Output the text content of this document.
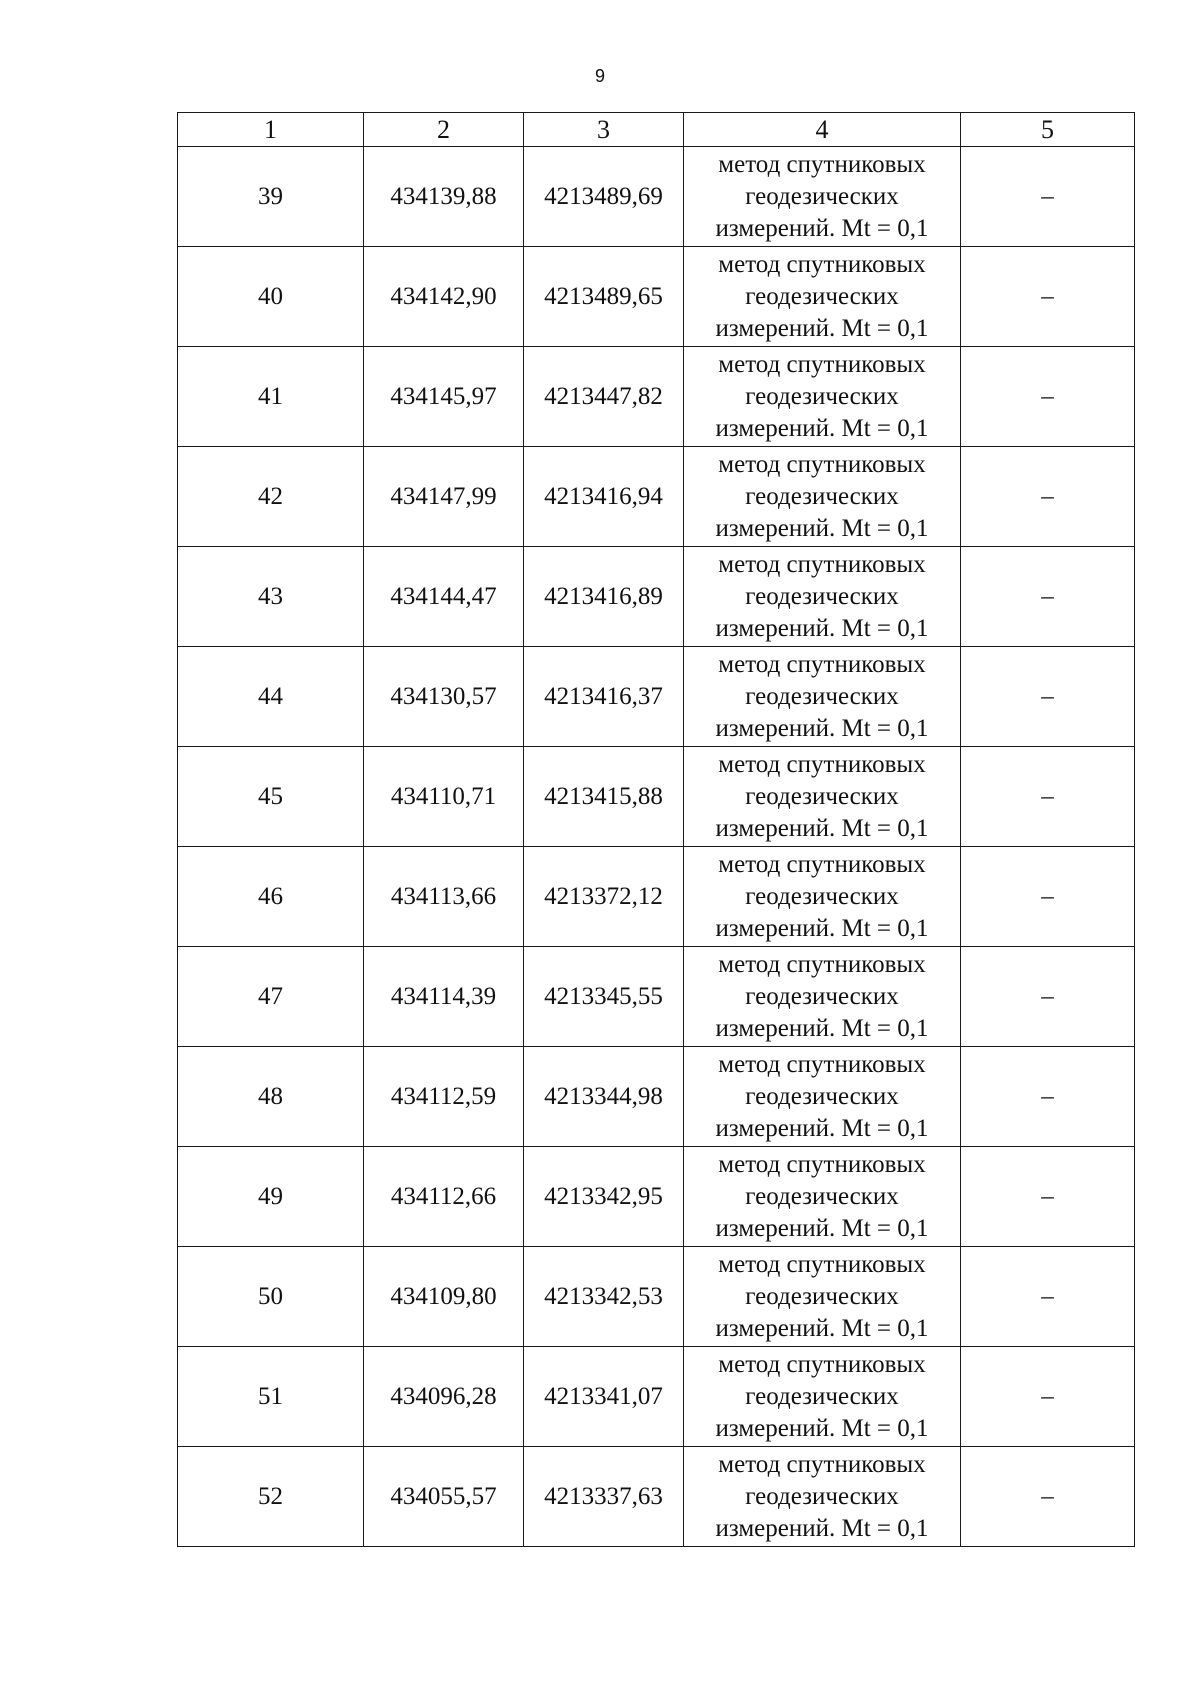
9
1	2	3	4	5
39	434139,88	4213489,69	метод спутниковых
геодезических
измерений. Mt = 0,1	–
40	434142,90	4213489,65	метод спутниковых
геодезических
измерений. Mt = 0,1	–
41	434145,97	4213447,82	метод спутниковых
геодезических
измерений. Mt = 0,1	–
42	434147,99	4213416,94	метод спутниковых
геодезических
измерений. Mt = 0,1	–
43	434144,47	4213416,89	метод спутниковых
геодезических
измерений. Mt = 0,1	–
44	434130,57	4213416,37	метод спутниковых
геодезических
измерений. Mt = 0,1	–
45	434110,71	4213415,88	метод спутниковых
геодезических
измерений. Mt = 0,1	–
46	434113,66	4213372,12	метод спутниковых
геодезических
измерений. Mt = 0,1	–
47	434114,39	4213345,55	метод спутниковых
геодезических
измерений. Mt = 0,1	–
48	434112,59	4213344,98	метод спутниковых
геодезических
измерений. Mt = 0,1	–
49	434112,66	4213342,95	метод спутниковых
геодезических
измерений. Mt = 0,1	–
50	434109,80	4213342,53	метод спутниковых
геодезических
измерений. Mt = 0,1	–
51	434096,28	4213341,07	метод спутниковых
геодезических
измерений. Mt = 0,1	–
52	434055,57	4213337,63	метод спутниковых
геодезических
измерений. Mt = 0,1	–
